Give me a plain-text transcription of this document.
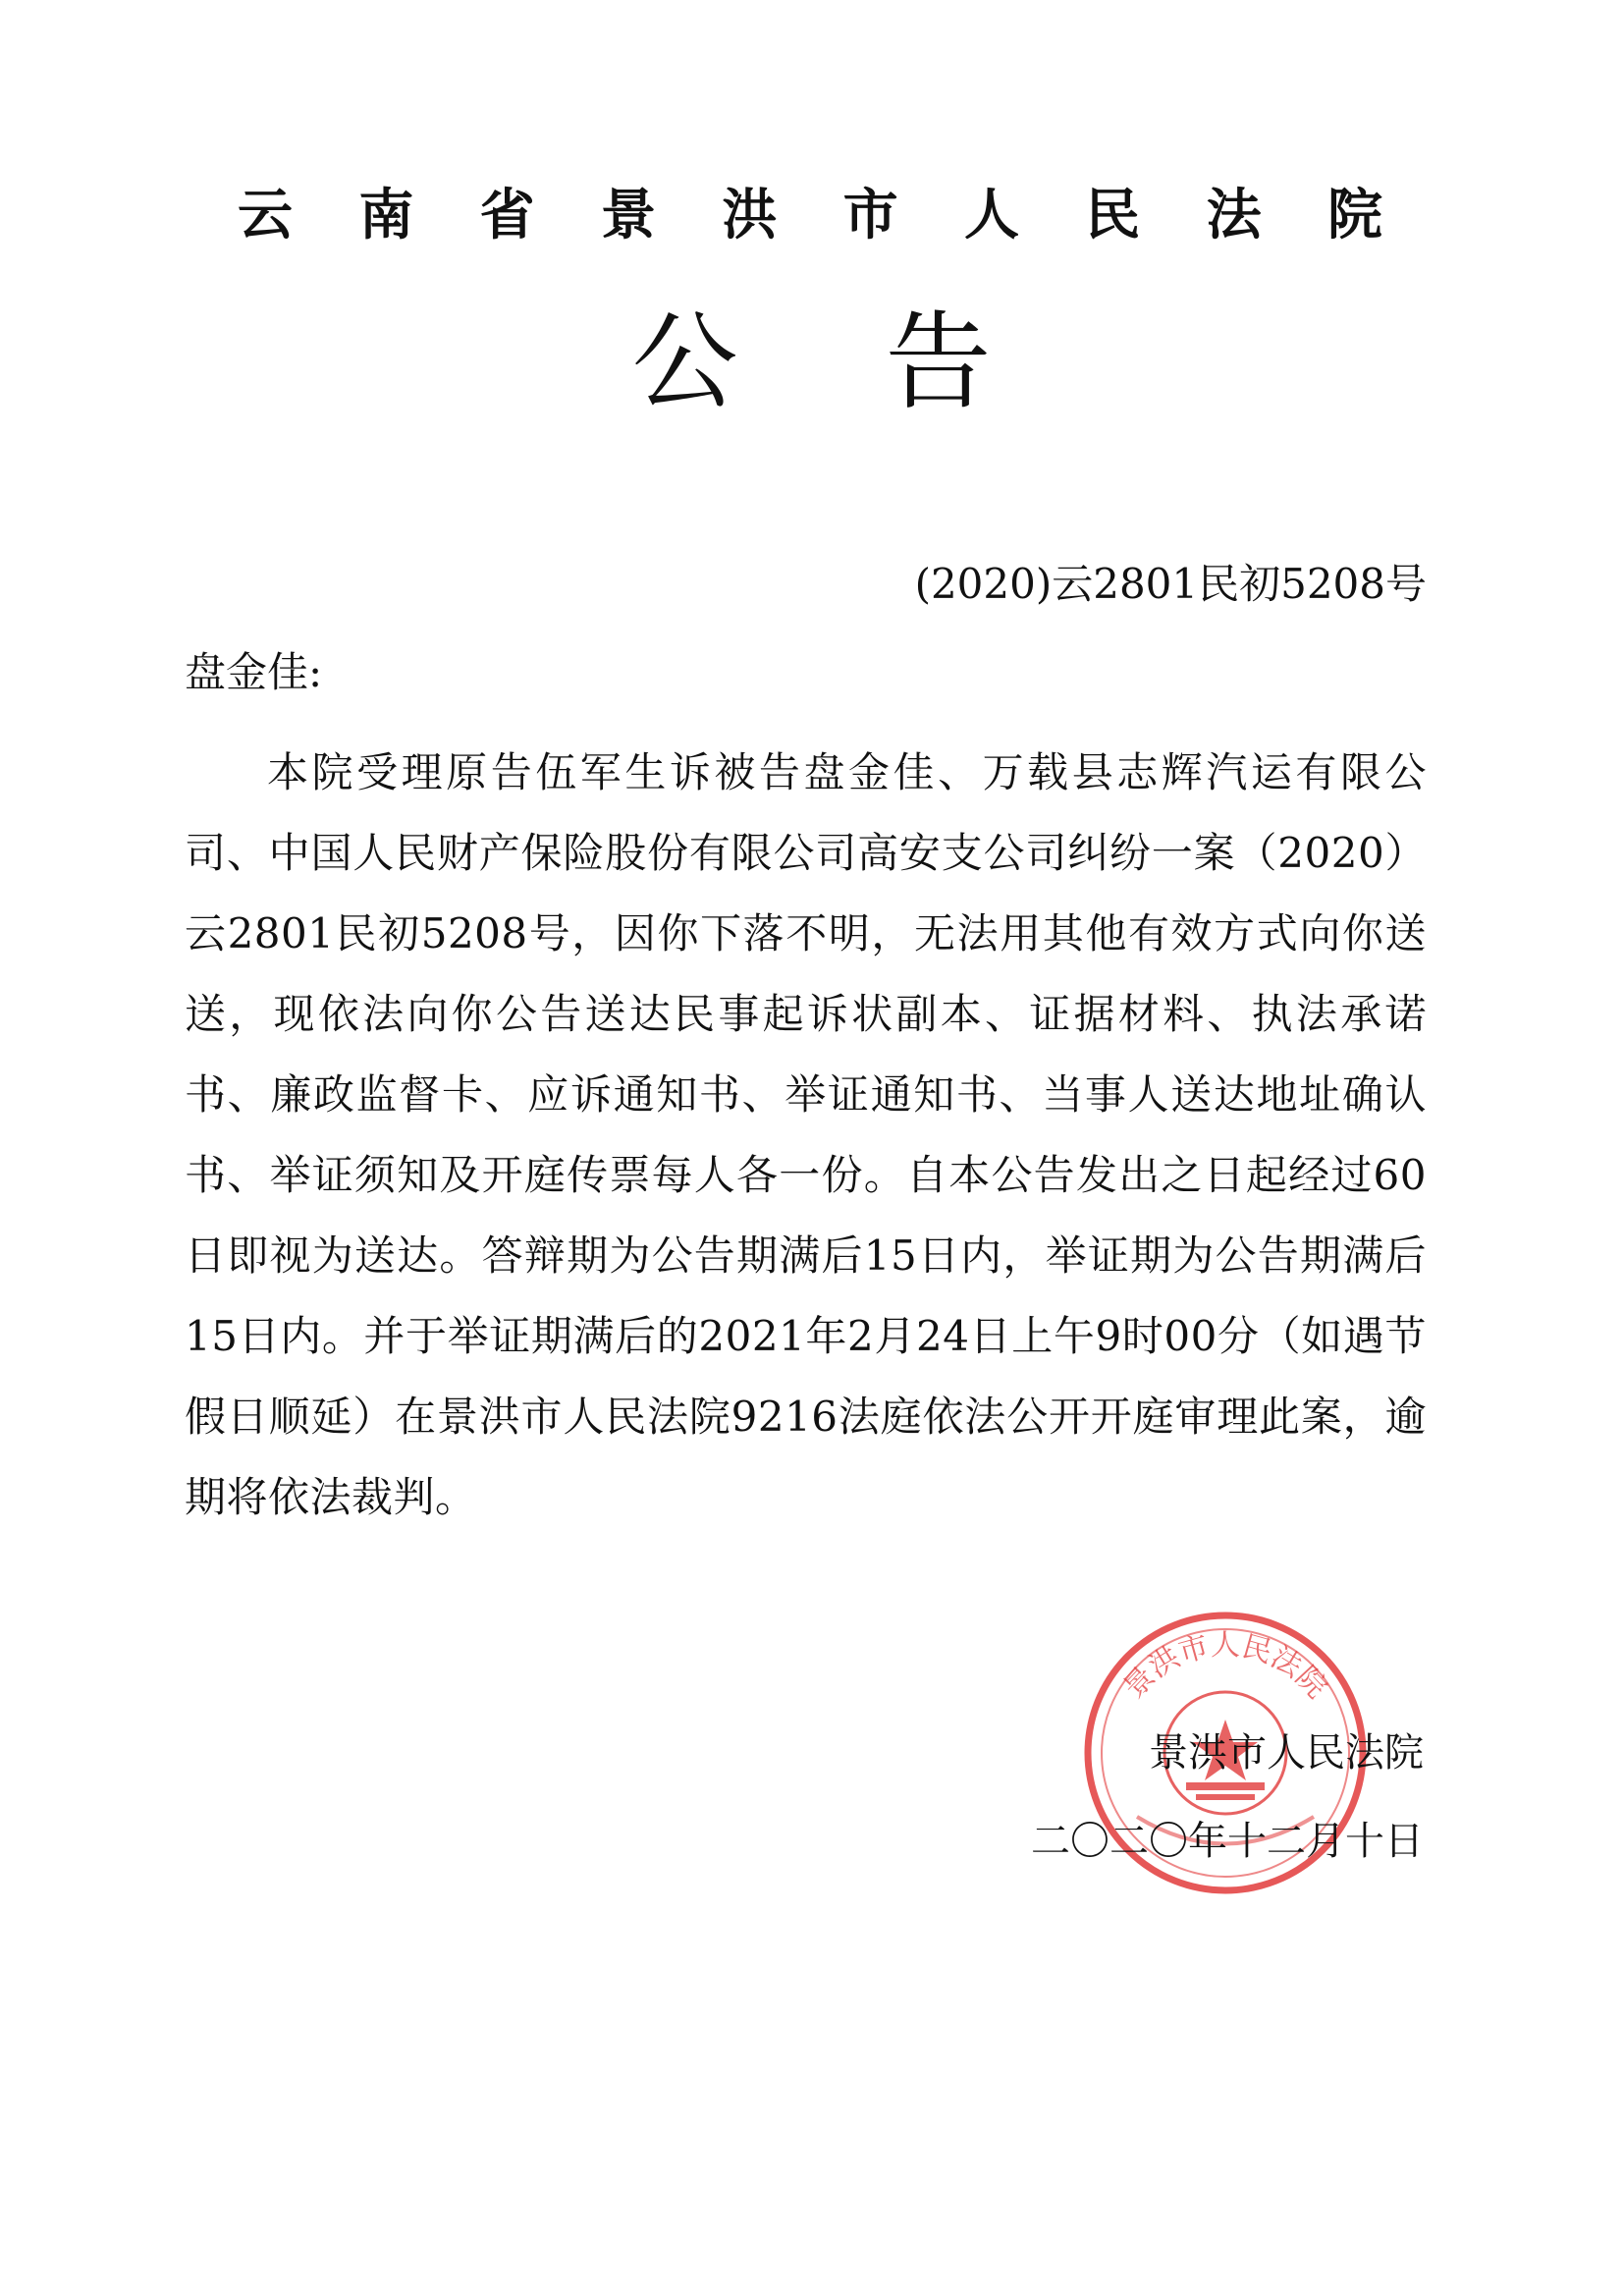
云 南 省 景 洪 市 人 民 法 院
公告
(2020)云2801民初5208号
盘金佳:

本院受理原告伍军生诉被告盘金佳、万载县志辉汽运有限公司、中国人民财产保险股份有限公司高安支公司纠纷一案（2020）云2801民初5208号，因你下落不明，无法用其他有效方式向你送送，现依法向你公告送达民事起诉状副本、证据材料、执法承诺书、廉政监督卡、应诉通知书、举证通知书、当事人送达地址确认书、举证须知及开庭传票每人各一份。自本公告发出之日起经过60日即视为送达。答辩期为公告期满后15日内，举证期为公告期满后15日内。并于举证期满后的2021年2月24日上午9时00分（如遇节假日顺延）在景洪市人民法院9216法庭依法公开开庭审理此案，逾期将依法裁判。

景洪市人民法院
景洪市人民法院
二〇二〇年十二月十日
